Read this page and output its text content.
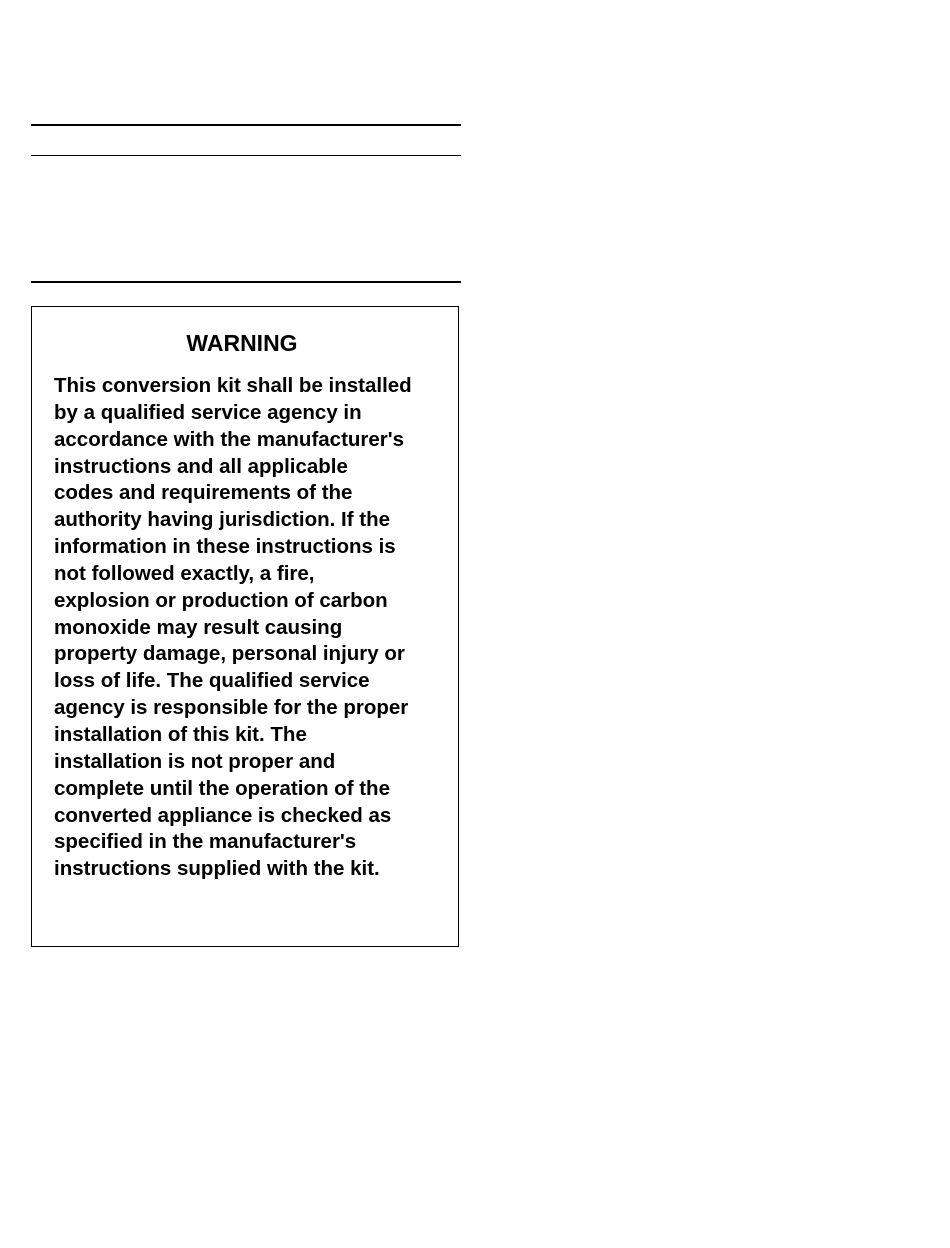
WARNING
This conversion kit shall be installed
by a qualified service agency in
accordance with the manufacturer's
instructions and all applicable
codes and requirements of the
authority having jurisdiction. If the
information in these instructions is
not followed exactly, a fire,
explosion or production of carbon
monoxide may result causing
property damage, personal injury or
loss of life. The qualified service
agency is responsible for the proper
installation of this kit. The
installation is not proper and
complete until the operation of the
converted appliance is checked as
specified in the manufacturer's
instructions supplied with the kit.
